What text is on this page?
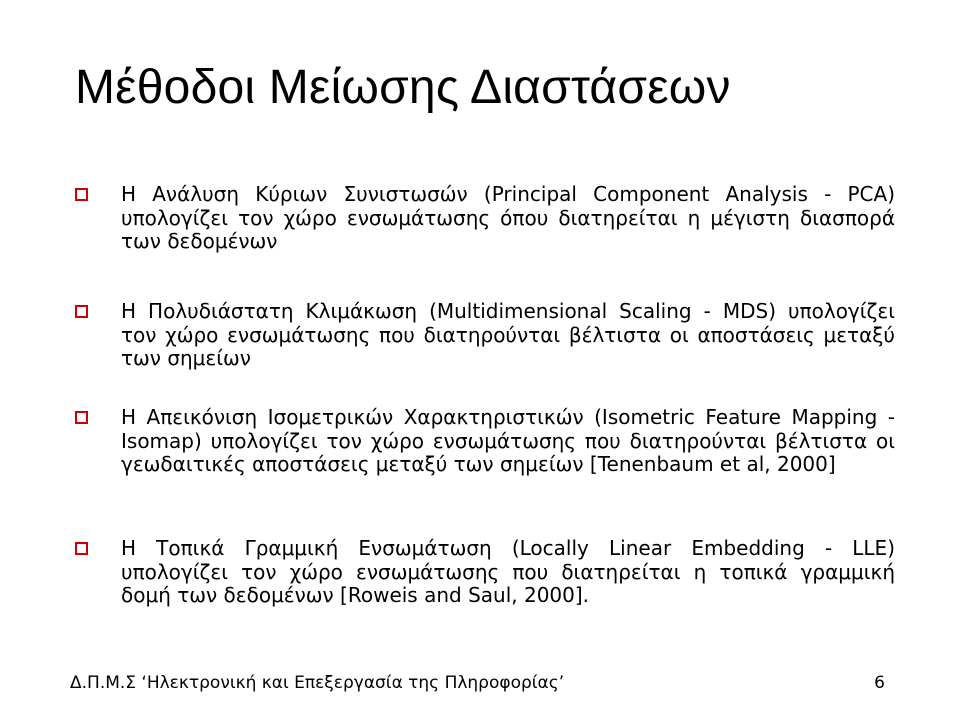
Μέθοδοι Μείωσης Διαστάσεων
Η Ανάλυση Κύριων Συνιστωσών (Principal Component Analysis - PCA) υπολογίζει τον χώρο ενσωμάτωσης όπου διατηρείται η μέγιστη διασπορά των δεδομένων
Η Πολυδιάστατη Κλιμάκωση (Multidimensional Scaling - MDS) υπολογίζει τον χώρο ενσωμάτωσης που διατηρούνται βέλτιστα οι αποστάσεις μεταξύ των σημείων
Η Απεικόνιση Ισομετρικών Χαρακτηριστικών (Isometric Feature Mapping - Isomap) υπολογίζει τον χώρο ενσωμάτωσης που διατηρούνται βέλτιστα οι γεωδαιτικές αποστάσεις μεταξύ των σημείων [Tenenbaum et al, 2000]
Η Τοπικά Γραμμική Ενσωμάτωση (Locally Linear Embedding - LLE) υπολογίζει τον χώρο ενσωμάτωσης που διατηρείται η τοπικά γραμμική δομή των δεδομένων [Roweis and Saul, 2000].
Δ.Π.Μ.Σ ‘Ηλεκτρονική και Επεξεργασία της Πληροφορίας’	6
